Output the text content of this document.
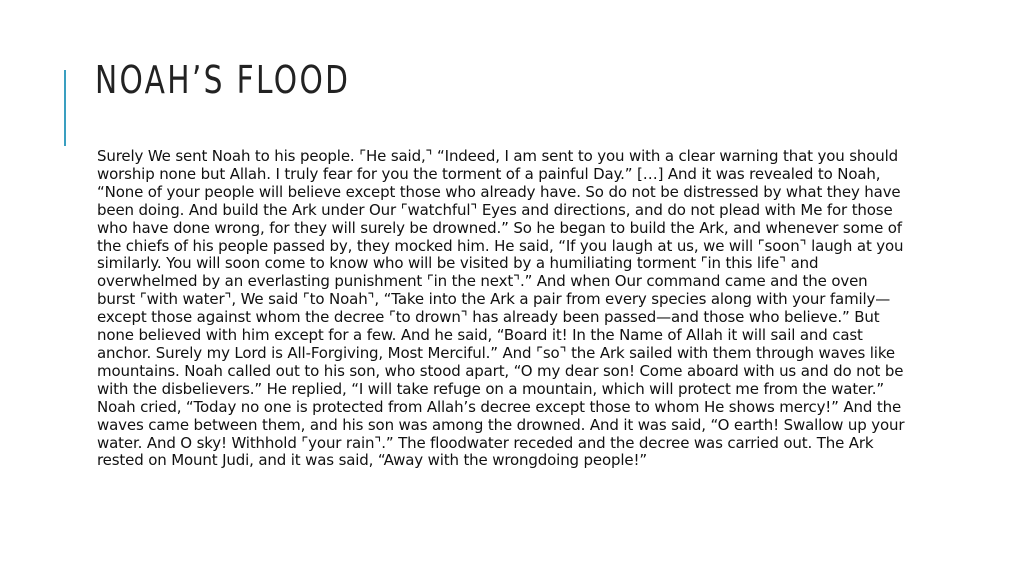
NOAH’S FLOOD

Surely We sent Noah to his people. ⌜He said,⌝ “Indeed, I am sent to you with a clear warning that you should worship none but Allah. I truly fear for you the torment of a painful Day.” […] And it was revealed to Noah, “None of your people will believe except those who already have. So do not be distressed by what they have been doing. And build the Ark under Our ⌜watchful⌝ Eyes and directions, and do not plead with Me for those who have done wrong, for they will surely be drowned.” So he began to build the Ark, and whenever some of the chiefs of his people passed by, they mocked him. He said, “If you laugh at us, we will ⌜soon⌝ laugh at you similarly. You will soon come to know who will be visited by a humiliating torment ⌜in this life⌝ and overwhelmed by an everlasting punishment ⌜in the next⌝.” And when Our command came and the oven burst ⌜with water⌝, We said ⌜to Noah⌝, “Take into the Ark a pair from every species along with your family—except those against whom the decree ⌜to drown⌝ has already been passed—and those who believe.” But none believed with him except for a few. And he said, “Board it! In the Name of Allah it will sail and cast anchor. Surely my Lord is All-Forgiving, Most Merciful.” And ⌜so⌝ the Ark sailed with them through waves like mountains. Noah called out to his son, who stood apart, “O my dear son! Come aboard with us and do not be with the disbelievers.” He replied, “I will take refuge on a mountain, which will protect me from the water.” Noah cried, “Today no one is protected from Allah’s decree except those to whom He shows mercy!” And the waves came between them, and his son was among the drowned. And it was said, “O earth! Swallow up your water. And O sky! Withhold ⌜your rain⌝.” The floodwater receded and the decree was carried out. The Ark rested on Mount Judi, and it was said, “Away with the wrongdoing people!”
